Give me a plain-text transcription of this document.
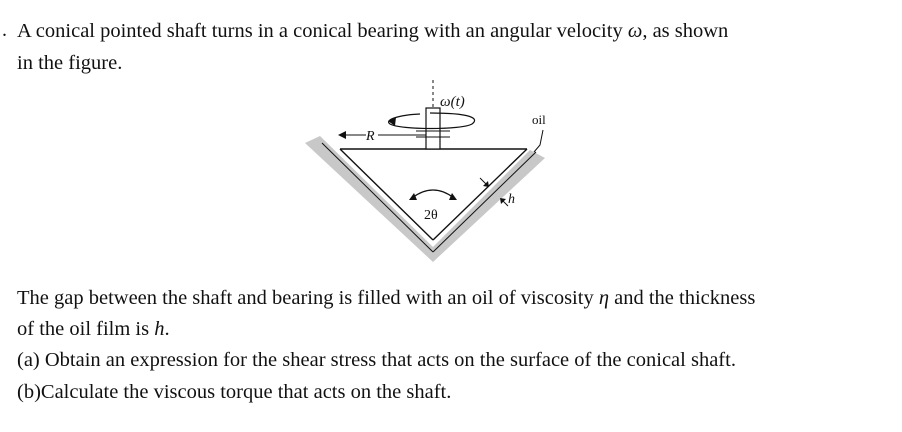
. A conical pointed shaft turns in a conical bearing with an angular velocity ω, as shown
in the figure.
ω(t)
R
oil
2θ
h
The gap between the shaft and bearing is filled with an oil of viscosity η and the thickness
of the oil film is h.
(a) Obtain an expression for the shear stress that acts on the surface of the conical shaft.
(b)Calculate the viscous torque that acts on the shaft.
